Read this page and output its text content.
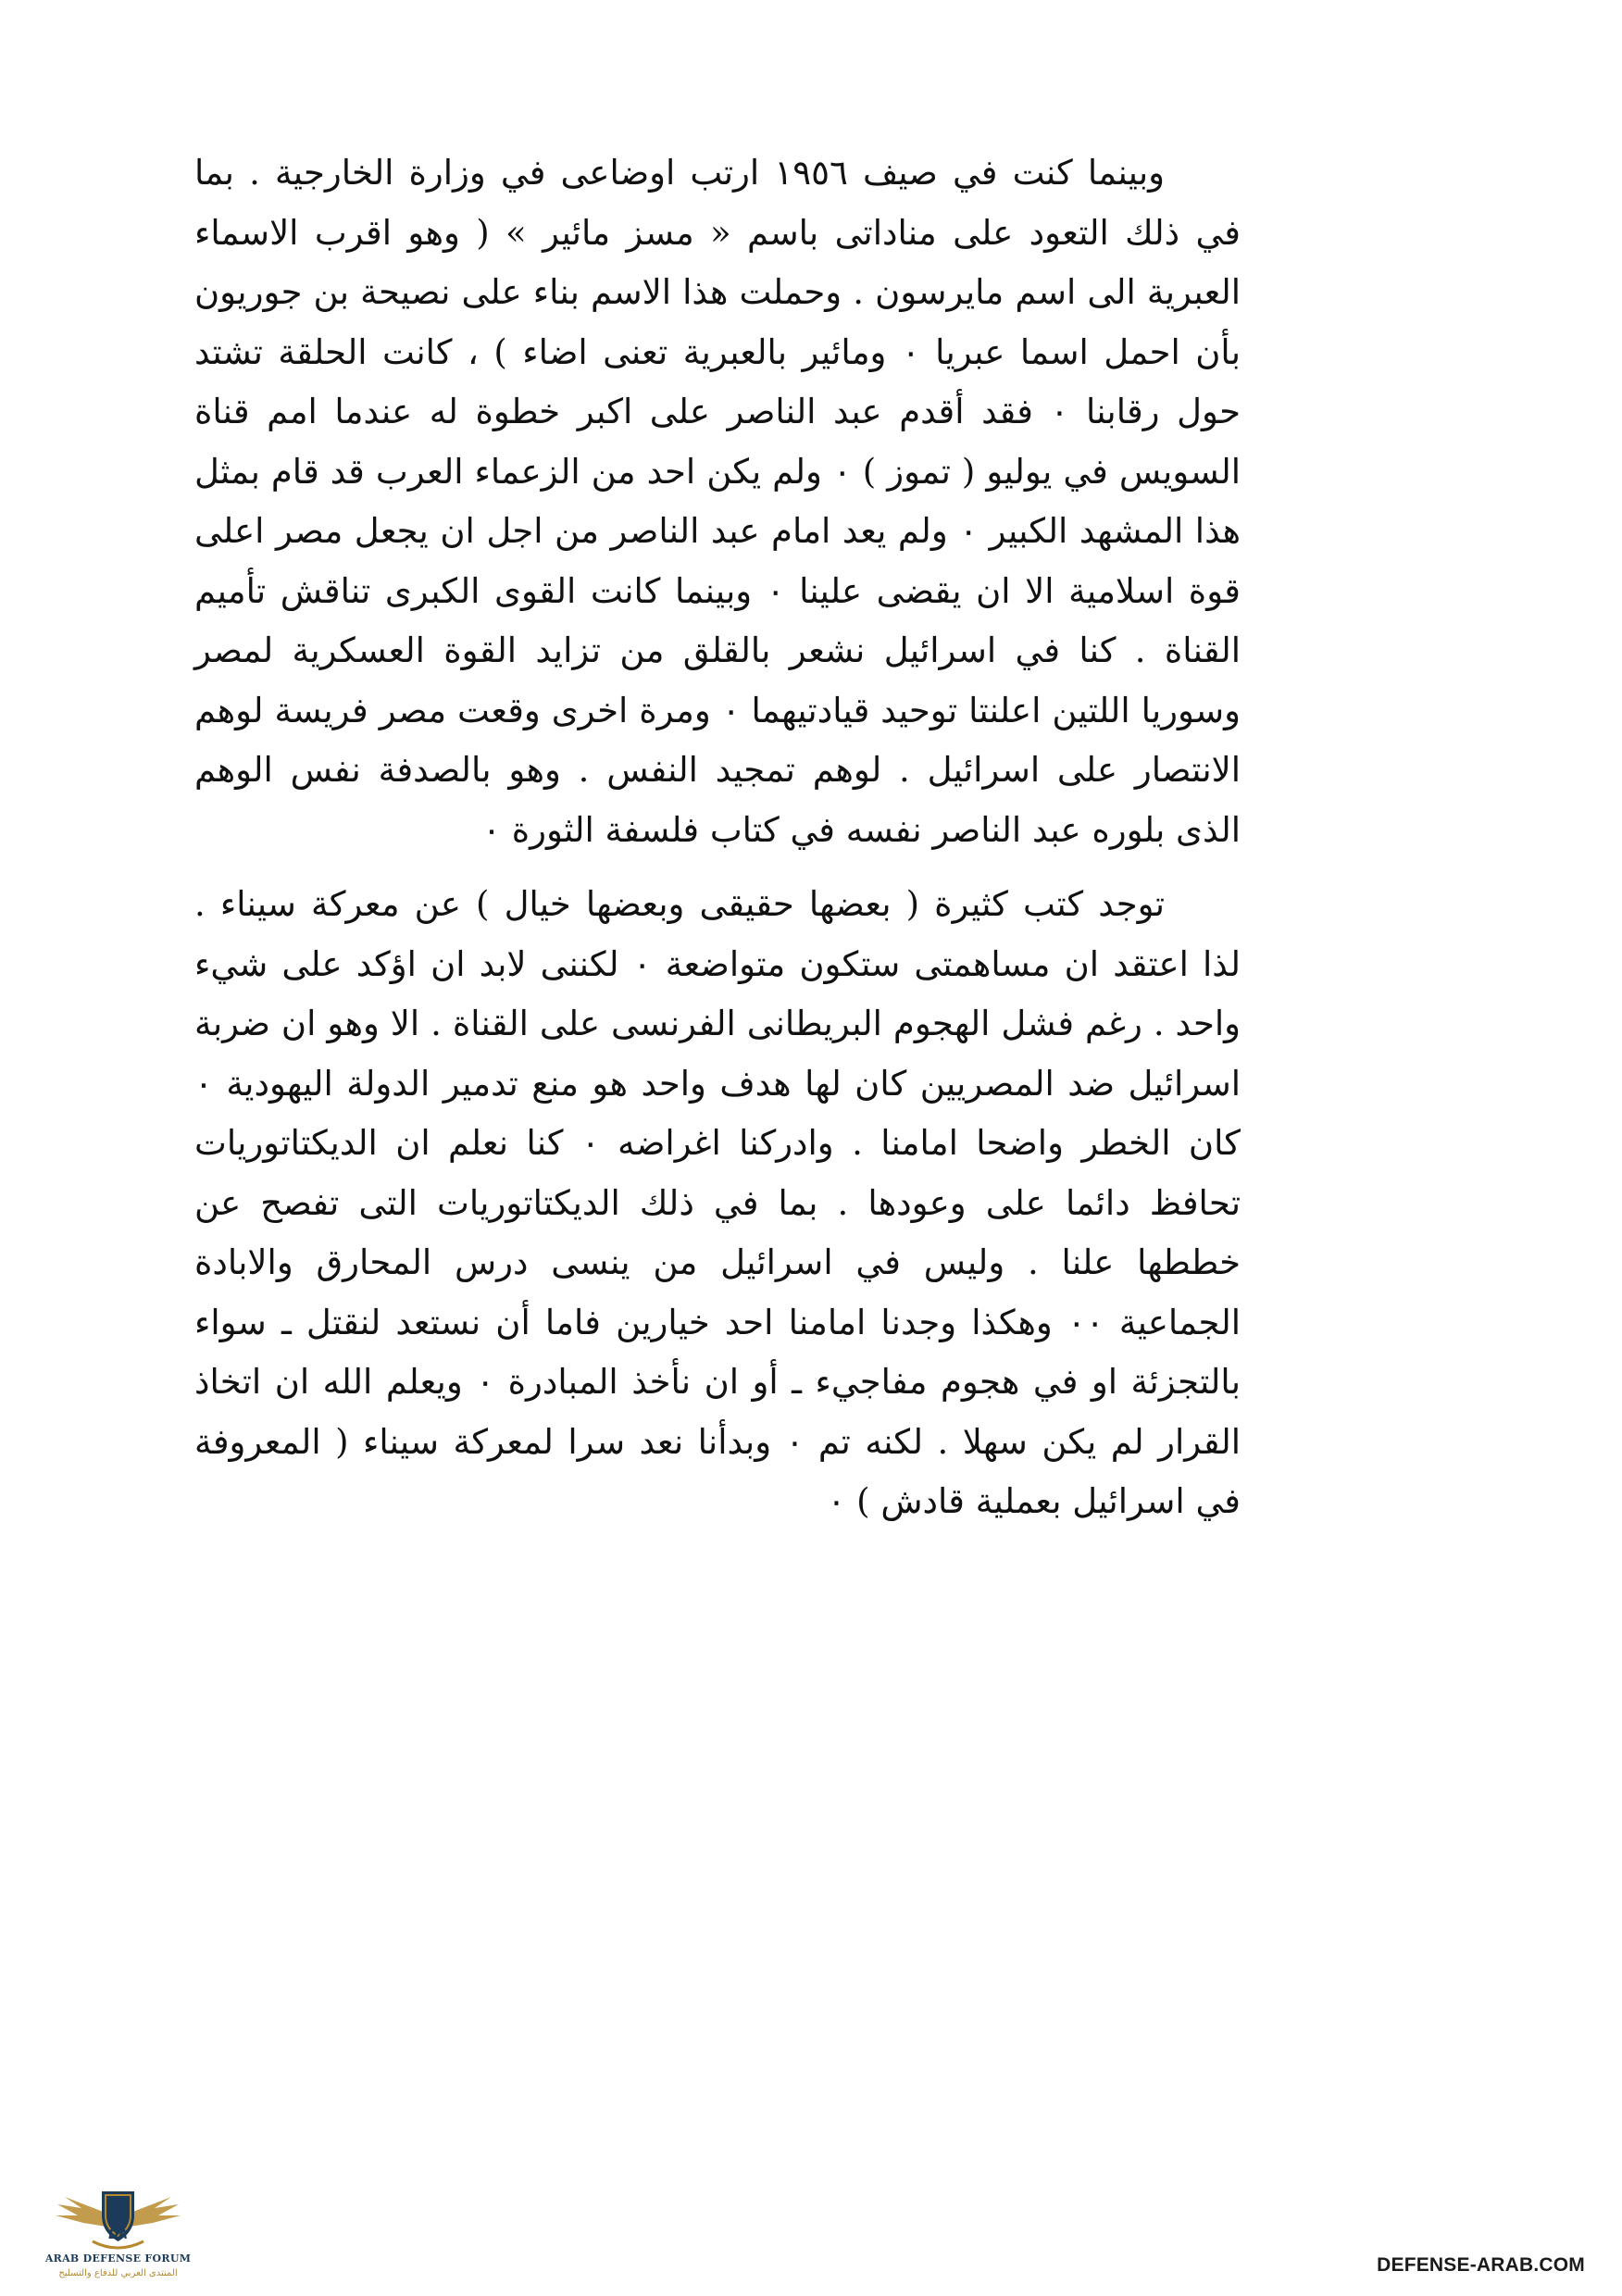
وبينما كنت في صيف ١٩٥٦ ارتب اوضاعى في وزارة الخارجية . بما في ذلك التعود على مناداتى باسم « مسز مائير » ( وهو اقرب الاسماء العبرية الى اسم مايرسون . وحملت هذا الاسم بناء على نصيحة بن جوريون بأن احمل اسما عبريا ٠ ومائير بالعبرية تعنى اضاء ) ، كانت الحلقة تشتد حول رقابنا ٠ فقد أقدم عبد الناصر على اكبر خطوة له عندما امم قناة السويس في يوليو ( تموز ) ٠ ولم يكن احد من الزعماء العرب قد قام بمثل هذا المشهد الكبير ٠ ولم يعد امام عبد الناصر من اجل ان يجعل مصر اعلى قوة اسلامية الا ان يقضى علينا ٠ وبينما كانت القوى الكبرى تناقش تأميم القناة . كنا في اسرائيل نشعر بالقلق من تزايد القوة العسكرية لمصر وسوريا اللتين اعلنتا توحيد قيادتيهما ٠ ومرة اخرى وقعت مصر فريسة لوهم الانتصار على اسرائيل . لوهم تمجيد النفس . وهو بالصدفة نفس الوهم الذى بلوره عبد الناصر نفسه في كتاب فلسفة الثورة ٠

توجد كتب كثيرة ( بعضها حقيقى وبعضها خيال ) عن معركة سيناء . لذا اعتقد ان مساهمتى ستكون متواضعة ٠ لكننى لابد ان اؤكد على شيء واحد . رغم فشل الهجوم البريطانى الفرنسى على القناة . الا وهو ان ضربة اسرائيل ضد المصريين كان لها هدف واحد هو منع تدمير الدولة اليهودية ٠ كان الخطر واضحا امامنا . وادركنا اغراضه ٠ كنا نعلم ان الديكتاتوريات تحافظ دائما على وعودها . بما في ذلك الديكتاتوريات التى تفصح عن خططها علنا . وليس في اسرائيل من ينسى درس المحارق والابادة الجماعية ٠٠ وهكذا وجدنا امامنا احد خيارين فاما أن نستعد لنقتل ـ سواء بالتجزئة او في هجوم مفاجيء ـ أو ان نأخذ المبادرة ٠ ويعلم الله ان اتخاذ القرار لم يكن سهلا . لكنه تم ٠ وبدأنا نعد سرا لمعركة سيناء ( المعروفة في اسرائيل بعملية قادش ) ٠

DA
ARAB DEFENSE FORUM
المنتدى العربي للدفاع والتسليح	DEFENSE-ARAB.COM
